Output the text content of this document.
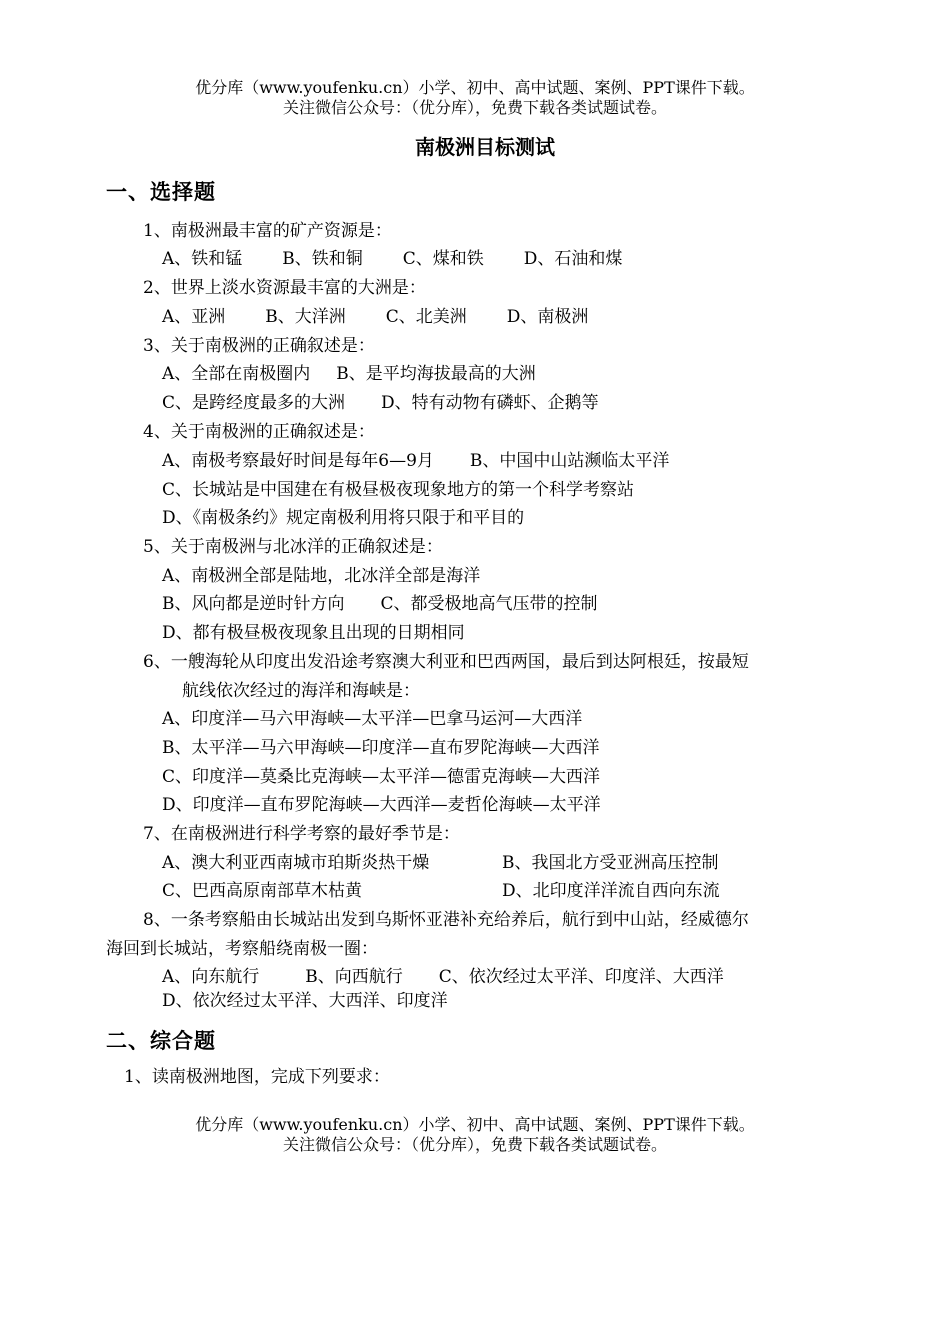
优分库（www.youfenku.cn）小学、初中、高中试题、案例、PPT课件下载。
关注微信公众号：（优分库），免费下载各类试题试卷。
南极洲目标测试
一、选择题
1、南极洲最丰富的矿产资源是：
A、铁和锰 B、铁和铜 C、煤和铁 D、石油和煤
2、世界上淡水资源最丰富的大洲是：
A、亚洲 B、大洋洲 C、北美洲 D、南极洲
3、关于南极洲的正确叙述是：
A、全部在南极圈内 B、是平均海拔最高的大洲
C、是跨经度最多的大洲 D、特有动物有磷虾、企鹅等
4、关于南极洲的正确叙述是：
A、南极考察最好时间是每年6—9月 B、中国中山站濒临太平洋
C、长城站是中国建在有极昼极夜现象地方的第一个科学考察站
D、《南极条约》规定南极利用将只限于和平目的
5、关于南极洲与北冰洋的正确叙述是：
A、南极洲全部是陆地，北冰洋全部是海洋
B、风向都是逆时针方向 C、都受极地高气压带的控制
D、都有极昼极夜现象且出现的日期相同
6、一艘海轮从印度出发沿途考察澳大利亚和巴西两国，最后到达阿根廷，按最短
航线依次经过的海洋和海峡是：
A、印度洋—马六甲海峡—太平洋—巴拿马运河—大西洋
B、太平洋—马六甲海峡—印度洋—直布罗陀海峡—大西洋
C、印度洋—莫桑比克海峡—太平洋—德雷克海峡—大西洋
D、印度洋—直布罗陀海峡—大西洋—麦哲伦海峡—太平洋
7、在南极洲进行科学考察的最好季节是：
A、澳大利亚西南城市珀斯炎热干燥	B、我国北方受亚洲高压控制
C、巴西高原南部草木枯黄	D、北印度洋洋流自西向东流
8、一条考察船由长城站出发到乌斯怀亚港补充给养后，航行到中山站，经威德尔
海回到长城站，考察船绕南极一圈：
A、向东航行	B、向西航行 C、依次经过太平洋、印度洋、大西洋
D、依次经过太平洋、大西洋、印度洋
二、综合题
1、读南极洲地图，完成下列要求：
优分库（www.youfenku.cn）小学、初中、高中试题、案例、PPT课件下载。
关注微信公众号：（优分库），免费下载各类试题试卷。
